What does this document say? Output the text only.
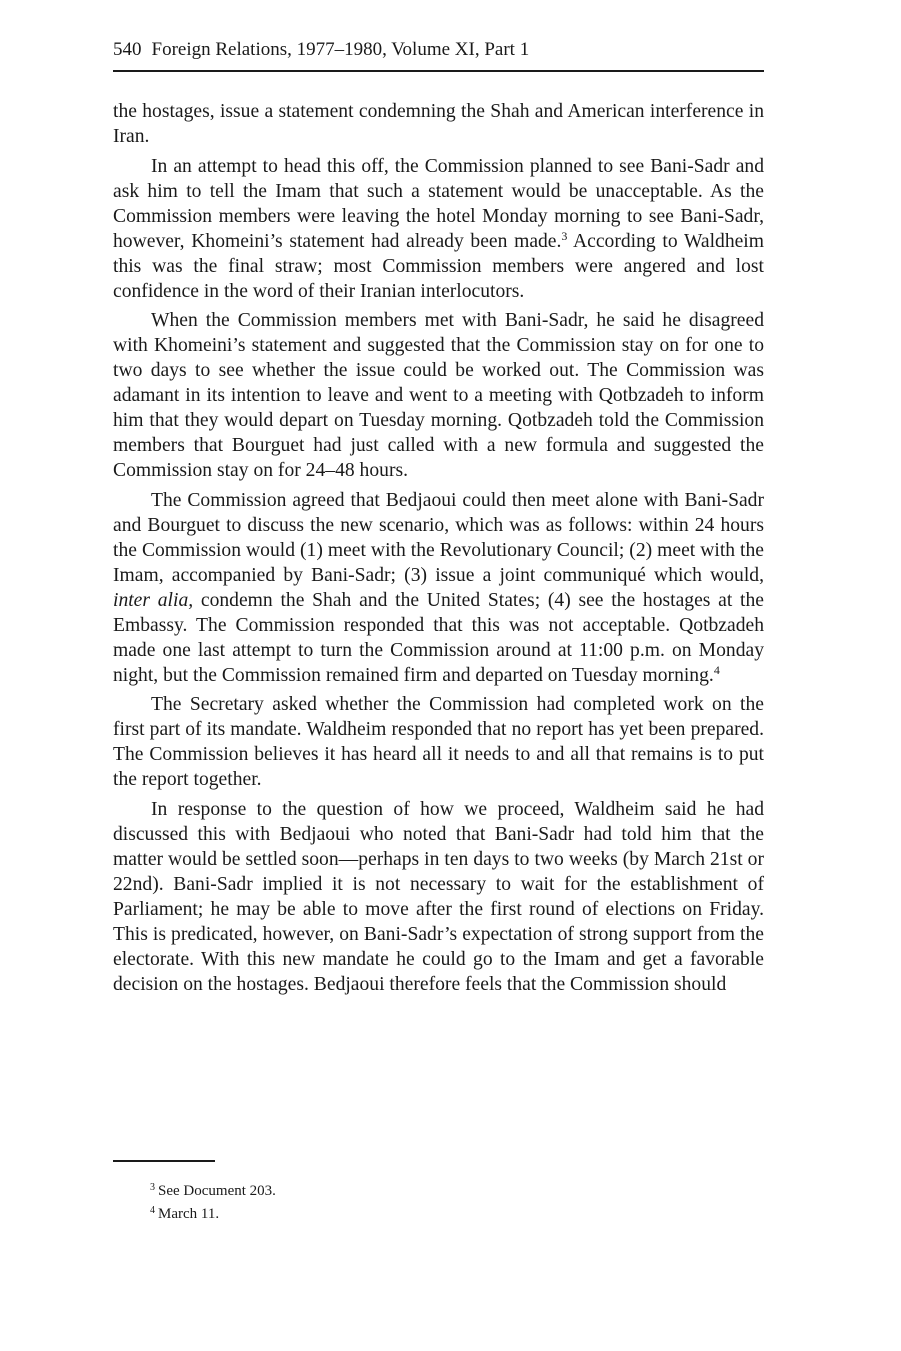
540 Foreign Relations, 1977–1980, Volume XI, Part 1

the hostages, issue a statement condemning the Shah and American interference in Iran.

In an attempt to head this off, the Commission planned to see Bani-Sadr and ask him to tell the Imam that such a statement would be unacceptable. As the Commission members were leaving the hotel Monday morning to see Bani-Sadr, however, Khomeini’s statement had already been made.$^3$ According to Waldheim this was the final straw; most Commission members were angered and lost confidence in the word of their Iranian interlocutors.

When the Commission members met with Bani-Sadr, he said he disagreed with Khomeini’s statement and suggested that the Commission stay on for one to two days to see whether the issue could be worked out. The Commission was adamant in its intention to leave and went to a meeting with Qotbzadeh to inform him that they would depart on Tuesday morning. Qotbzadeh told the Commission members that Bourguet had just called with a new formula and suggested the Commission stay on for 24–48 hours.

The Commission agreed that Bedjaoui could then meet alone with Bani-Sadr and Bourguet to discuss the new scenario, which was as follows: within 24 hours the Commission would (1) meet with the Revolutionary Council; (2) meet with the Imam, accompanied by Bani-Sadr; (3) issue a joint communiqué which would, inter alia, condemn the Shah and the United States; (4) see the hostages at the Embassy. The Commission responded that this was not acceptable. Qotbzadeh made one last attempt to turn the Commission around at 11:00 p.m. on Monday night, but the Commission remained firm and departed on Tuesday morning.$^4$

The Secretary asked whether the Commission had completed work on the first part of its mandate. Waldheim responded that no report has yet been prepared. The Commission believes it has heard all it needs to and all that remains is to put the report together.

In response to the question of how we proceed, Waldheim said he had discussed this with Bedjaoui who noted that Bani-Sadr had told him that the matter would be settled soon—perhaps in ten days to two weeks (by March 21st or 22nd). Bani-Sadr implied it is not necessary to wait for the establishment of Parliament; he may be able to move after the first round of elections on Friday. This is predicated, however, on Bani-Sadr’s expectation of strong support from the electorate. With this new mandate he could go to the Imam and get a favorable decision on the hostages. Bedjaoui therefore feels that the Commission should

$^3$ See Document 203.
$^4$ March 11.
